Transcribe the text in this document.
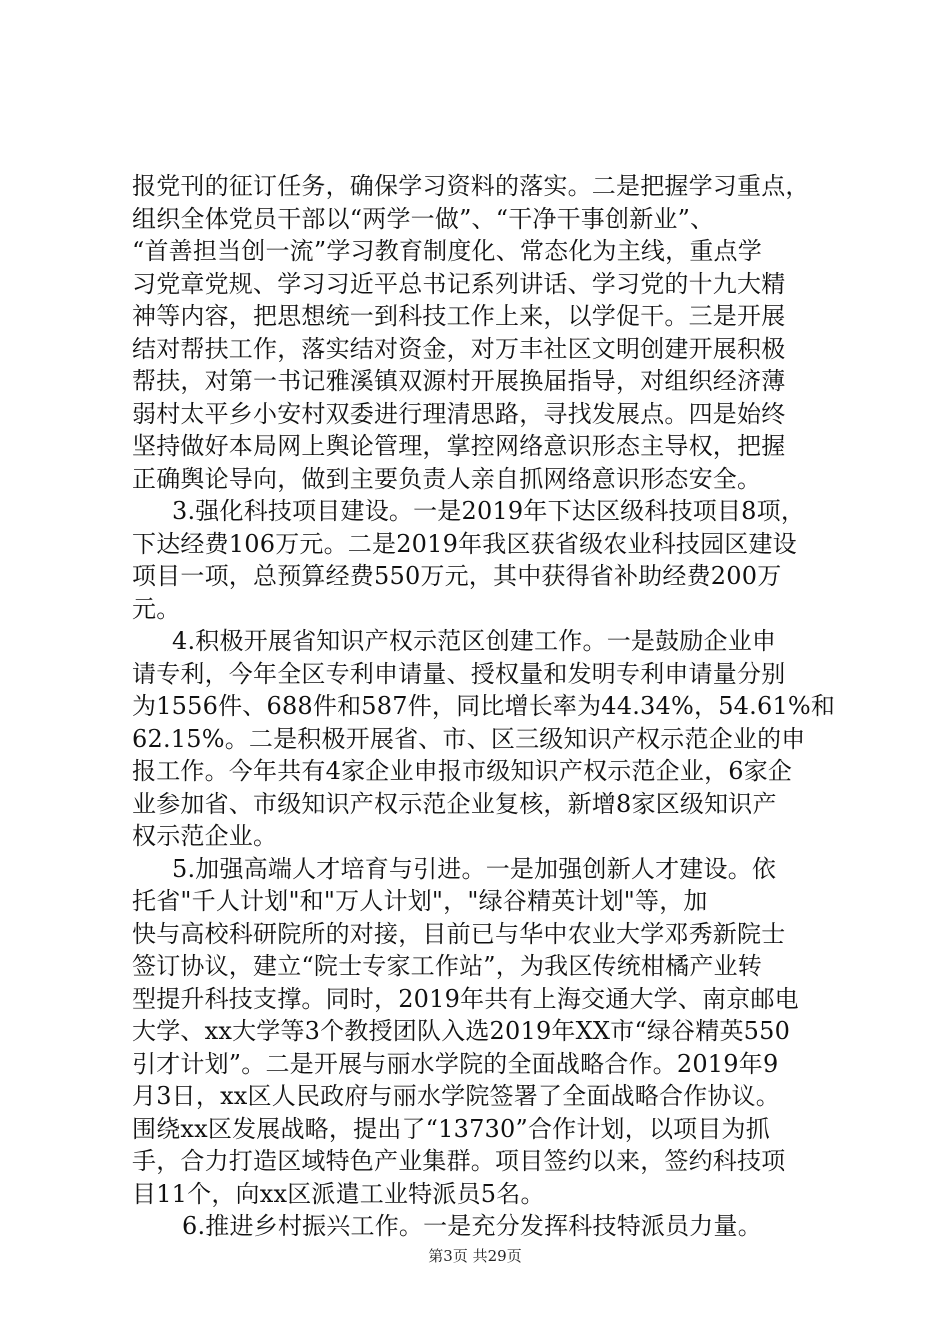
报党刊的征订任务，确保学习资料的落实。二是把握学习重点，
组织全体党员干部以“两学一做”、“干净干事创新业”、
“首善担当创一流”学习教育制度化、常态化为主线，重点学
习党章党规、学习习近平总书记系列讲话、学习党的十九大精
神等内容，把思想统一到科技工作上来，以学促干。三是开展
结对帮扶工作，落实结对资金，对万丰社区文明创建开展积极
帮扶，对第一书记雅溪镇双源村开展换届指导，对组织经济薄
弱村太平乡小安村双委进行理清思路，寻找发展点。四是始终
坚持做好本局网上舆论管理，掌控网络意识形态主导权，把握
正确舆论导向，做到主要负责人亲自抓网络意识形态安全。
3.强化科技项目建设。一是2019年下达区级科技项目8项，
下达经费106万元。二是2019年我区获省级农业科技园区建设
项目一项，总预算经费550万元，其中获得省补助经费200万
元。
4.积极开展省知识产权示范区创建工作。一是鼓励企业申
请专利，今年全区专利申请量、授权量和发明专利申请量分别
为1556件、688件和587件，同比增长率为44.34%，54.61%和
62.15%。二是积极开展省、市、区三级知识产权示范企业的申
报工作。今年共有4家企业申报市级知识产权示范企业，6家企
业参加省、市级知识产权示范企业复核，新增8家区级知识产
权示范企业。
5.加强高端人才培育与引进。一是加强创新人才建设。依
托省"千人计划"和"万人计划"，"绿谷精英计划"等，加
快与高校科研院所的对接，目前已与华中农业大学邓秀新院士
签订协议，建立“院士专家工作站”，为我区传统柑橘产业转
型提升科技支撑。同时，2019年共有上海交通大学、南京邮电
大学、xx大学等3个教授团队入选2019年XX市“绿谷精英550
引才计划”。二是开展与丽水学院的全面战略合作。2019年9
月3日，xx区人民政府与丽水学院签署了全面战略合作协议。
围绕xx区发展战略，提出了“13730”合作计划，以项目为抓
手，合力打造区域特色产业集群。项目签约以来，签约科技项
目11个，向xx区派遣工业特派员5名。
6.推进乡村振兴工作。一是充分发挥科技特派员力量。
第3页 共29页
